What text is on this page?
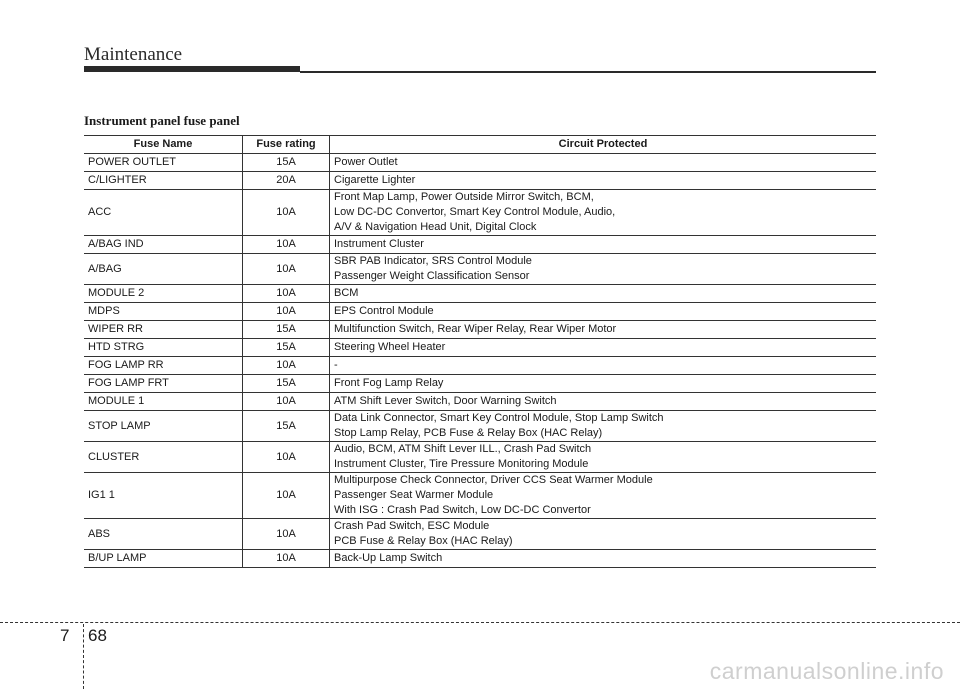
Maintenance
Instrument panel fuse panel
Fuse Name	Fuse rating	Circuit Protected
POWER OUTLET	15A	Power Outlet

C/LIGHTER	20A	Cigarette Lighter

ACC	10A	Front Map Lamp, Power Outside Mirror Switch, BCM,
Low DC-DC Convertor, Smart Key Control Module, Audio,
A/V & Navigation Head Unit, Digital Clock

A/BAG IND	10A	Instrument Cluster

A/BAG	10A	SBR PAB Indicator, SRS Control Module
Passenger Weight Classification Sensor

MODULE 2	10A	BCM

MDPS	10A	EPS Control Module

WIPER RR	15A	Multifunction Switch, Rear Wiper Relay, Rear Wiper Motor

HTD STRG	15A	Steering Wheel Heater

FOG LAMP RR	10A	-

FOG LAMP FRT	15A	Front Fog Lamp Relay

MODULE 1	10A	ATM Shift Lever Switch, Door Warning Switch

STOP LAMP	15A	Data Link Connector, Smart Key Control Module, Stop Lamp Switch
Stop Lamp Relay, PCB Fuse & Relay Box (HAC Relay)

CLUSTER	10A	Audio, BCM, ATM Shift Lever ILL., Crash Pad Switch
Instrument Cluster, Tire Pressure Monitoring Module

IG1 1	10A	Multipurpose Check Connector, Driver CCS Seat Warmer Module
Passenger Seat Warmer Module
With ISG : Crash Pad Switch, Low DC-DC Convertor

ABS	10A	Crash Pad Switch, ESC Module
PCB Fuse & Relay Box (HAC Relay)

B/UP LAMP	10A	Back-Up Lamp Switch
7 68
carmanualsonline.info
